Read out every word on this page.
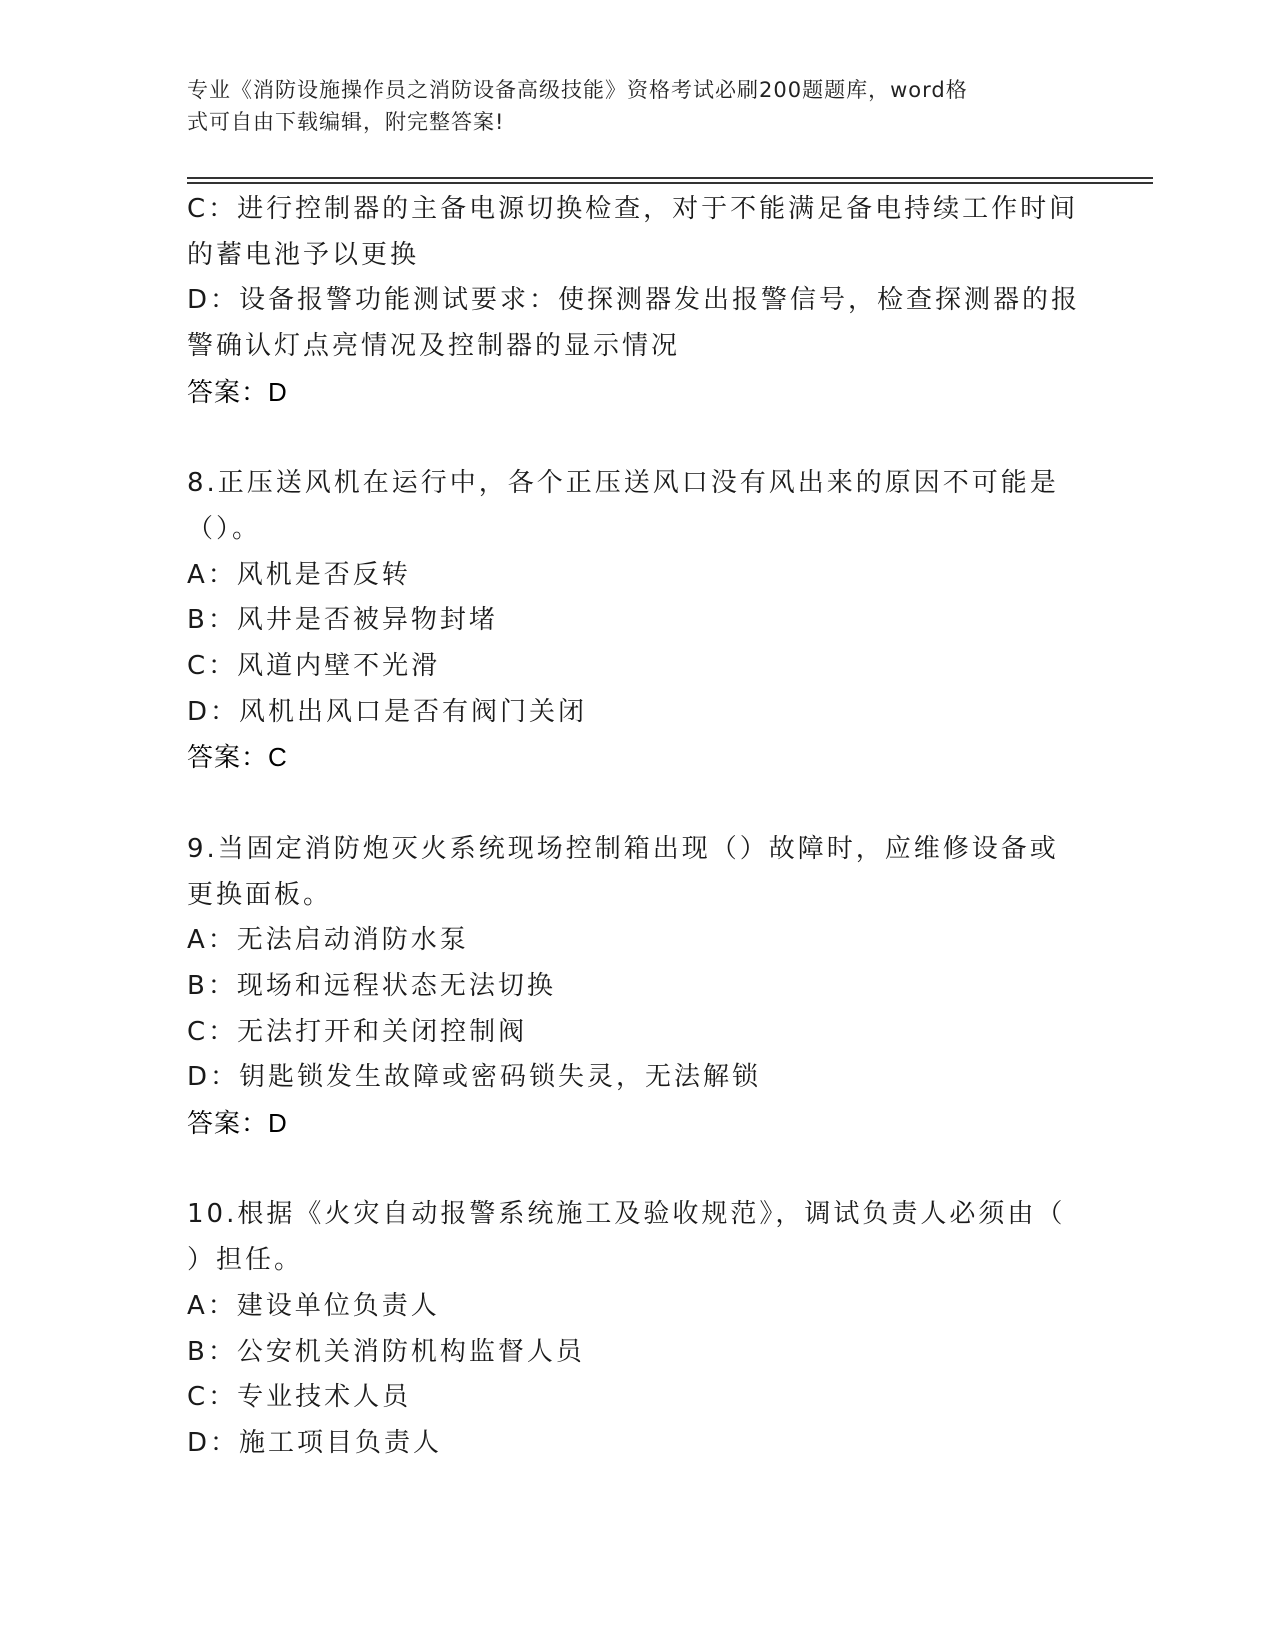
专业《消防设施操作员之消防设备高级技能》资格考试必刷200题题库，word格
式可自由下载编辑，附完整答案!
C：进行控制器的主备电源切换检查，对于不能满足备电持续工作时间
的蓄电池予以更换
D：设备报警功能测试要求：使探测器发出报警信号，检查探测器的报
警确认灯点亮情况及控制器的显示情况
答案：D
8.正压送风机在运行中，各个正压送风口没有风出来的原因不可能是
（）。
A：风机是否反转
B：风井是否被异物封堵
C：风道内壁不光滑
D：风机出风口是否有阀门关闭
答案：C
9.当固定消防炮灭火系统现场控制箱出现（）故障时，应维修设备或
更换面板。
A：无法启动消防水泵
B：现场和远程状态无法切换
C：无法打开和关闭控制阀
D：钥匙锁发生故障或密码锁失灵，无法解锁
答案：D
10.根据《火灾自动报警系统施工及验收规范》，调试负责人必须由（
）担任。
A：建设单位负责人
B：公安机关消防机构监督人员
C：专业技术人员
D：施工项目负责人
